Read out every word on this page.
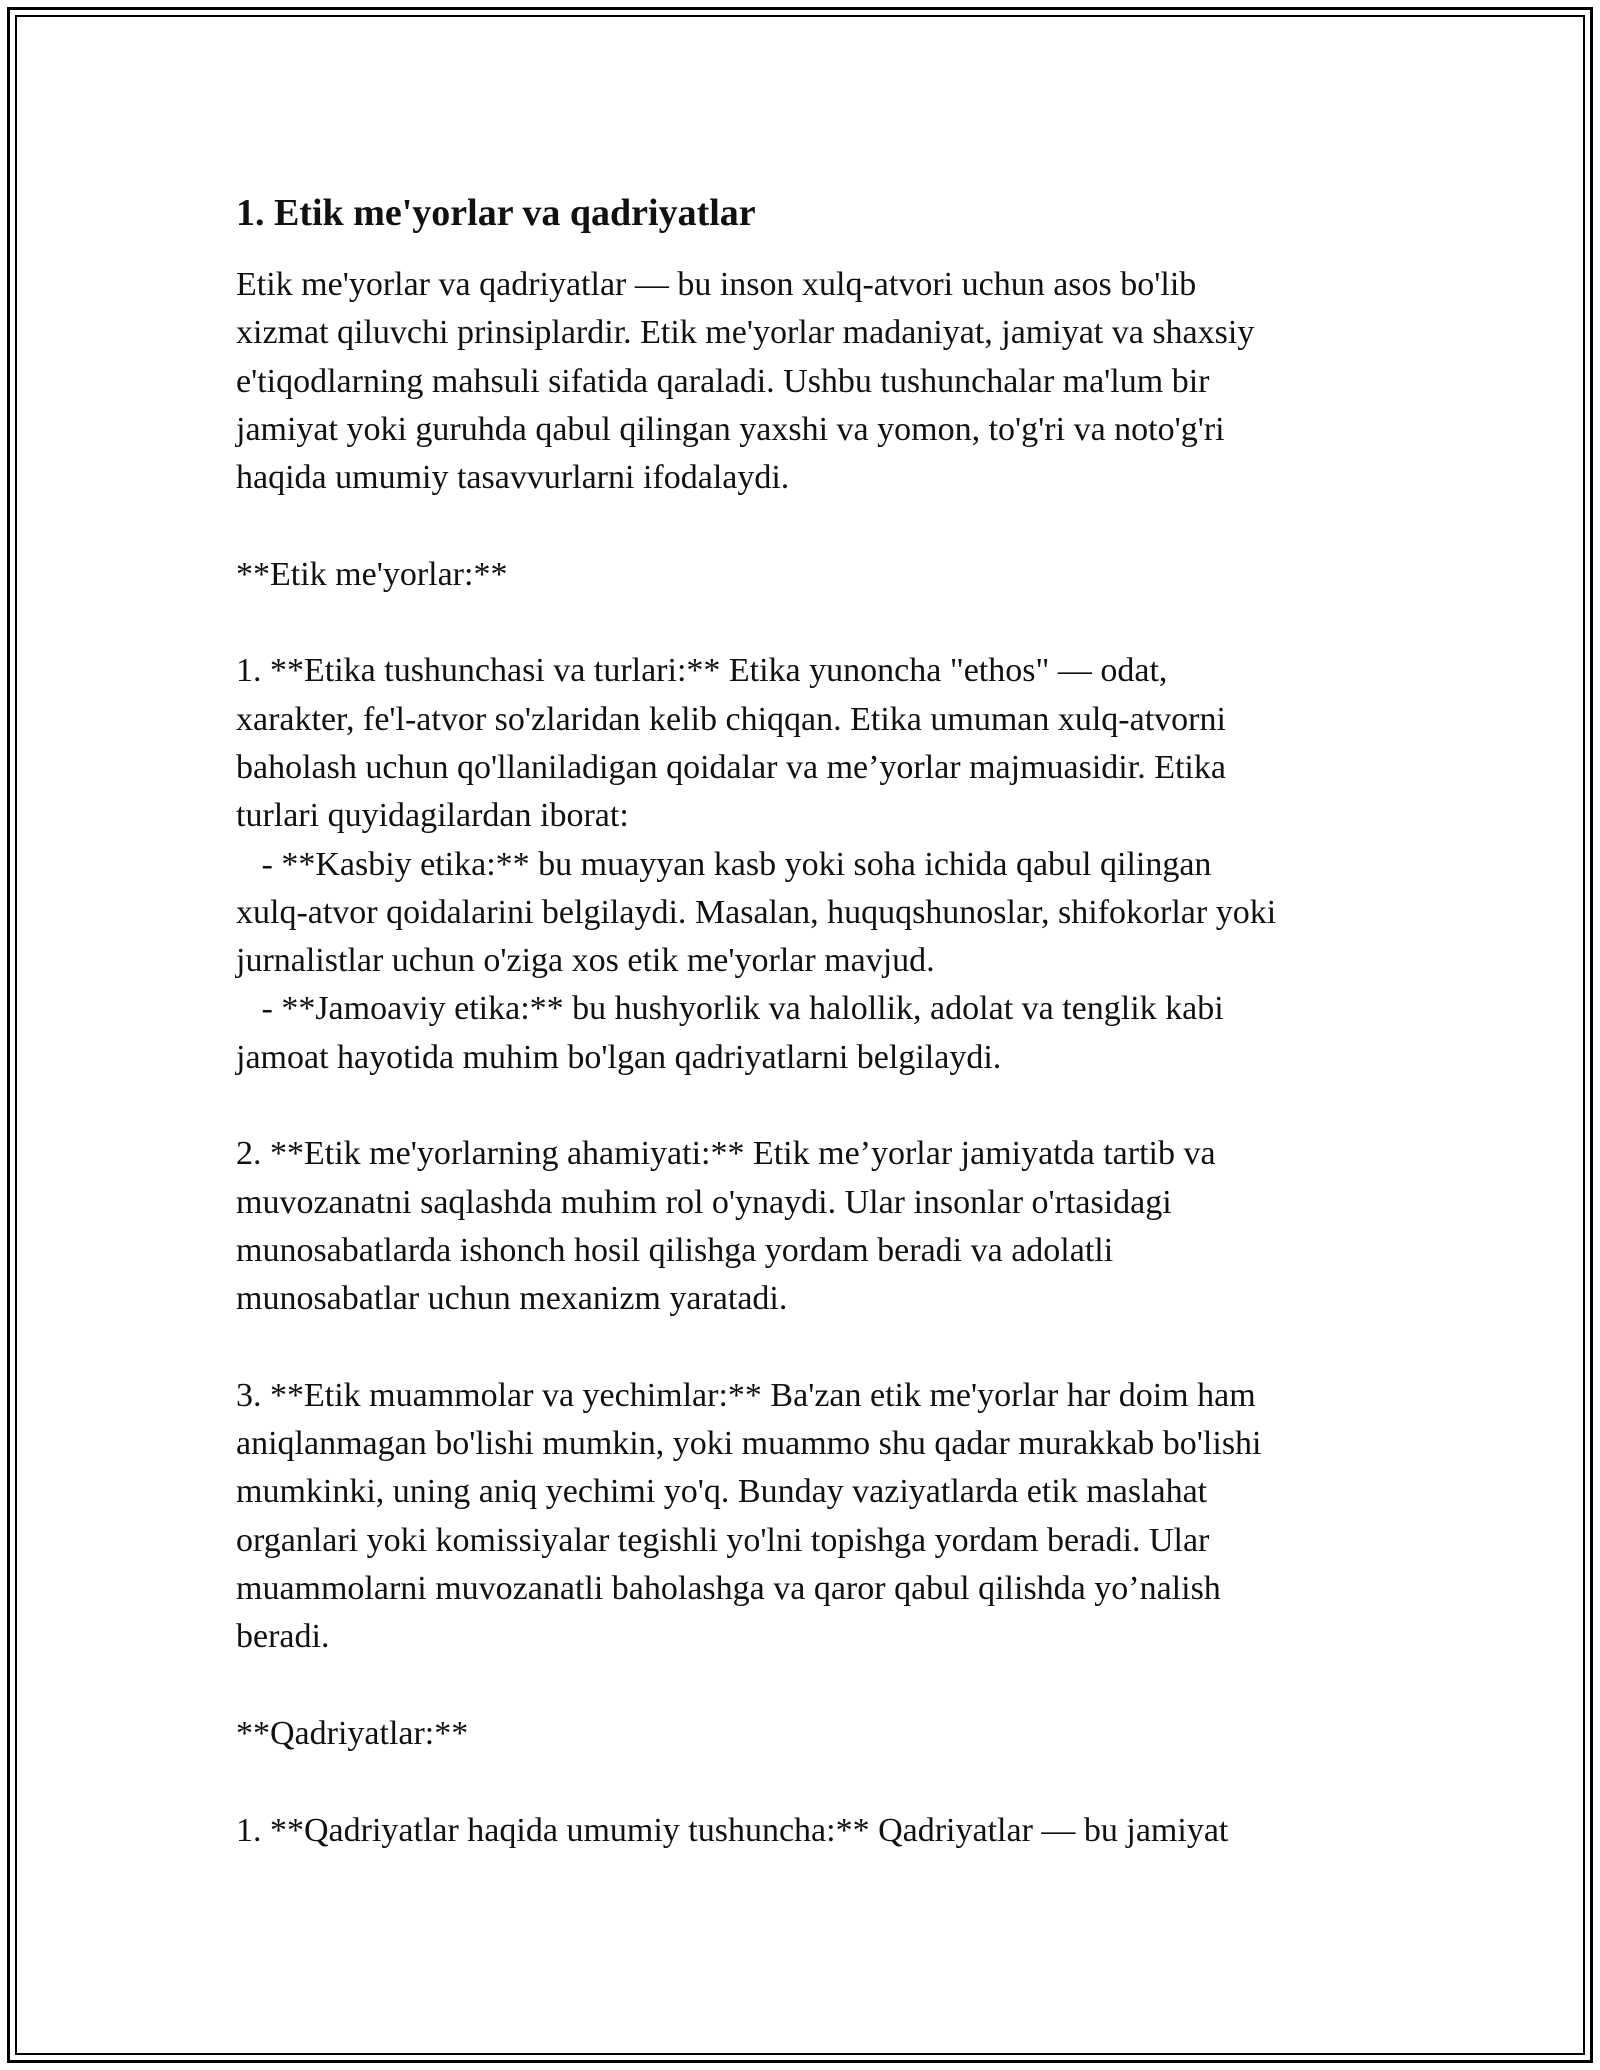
1. Etik me'yorlar va qadriyatlar

Etik me'yorlar va qadriyatlar — bu inson xulq-atvori uchun asos bo'lib
xizmat qiluvchi prinsiplardir. Etik me'yorlar madaniyat, jamiyat va shaxsiy
e'tiqodlarning mahsuli sifatida qaraladi. Ushbu tushunchalar ma'lum bir
jamiyat yoki guruhda qabul qilingan yaxshi va yomon, to'g'ri va noto'g'ri
haqida umumiy tasavvurlarni ifodalaydi.

**Etik me'yorlar:**

1. **Etika tushunchasi va turlari:** Etika yunoncha "ethos" — odat,
xarakter, fe'l-atvor so'zlaridan kelib chiqqan. Etika umuman xulq-atvorni
baholash uchun qo'llaniladigan qoidalar va me’yorlar majmuasidir. Etika
turlari quyidagilardan iborat:
- **Kasbiy etika:** bu muayyan kasb yoki soha ichida qabul qilingan
xulq-atvor qoidalarini belgilaydi. Masalan, huquqshunoslar, shifokorlar yoki
jurnalistlar uchun o'ziga xos etik me'yorlar mavjud.
- **Jamoaviy etika:** bu hushyorlik va halollik, adolat va tenglik kabi
jamoat hayotida muhim bo'lgan qadriyatlarni belgilaydi.

2. **Etik me'yorlarning ahamiyati:** Etik me’yorlar jamiyatda tartib va
muvozanatni saqlashda muhim rol o'ynaydi. Ular insonlar o'rtasidagi
munosabatlarda ishonch hosil qilishga yordam beradi va adolatli
munosabatlar uchun mexanizm yaratadi.

3. **Etik muammolar va yechimlar:** Ba'zan etik me'yorlar har doim ham
aniqlanmagan bo'lishi mumkin, yoki muammo shu qadar murakkab bo'lishi
mumkinki, uning aniq yechimi yo'q. Bunday vaziyatlarda etik maslahat
organlari yoki komissiyalar tegishli yo'lni topishga yordam beradi. Ular
muammolarni muvozanatli baholashga va qaror qabul qilishda yo’nalish
beradi.

**Qadriyatlar:**

1. **Qadriyatlar haqida umumiy tushuncha:** Qadriyatlar — bu jamiyat
